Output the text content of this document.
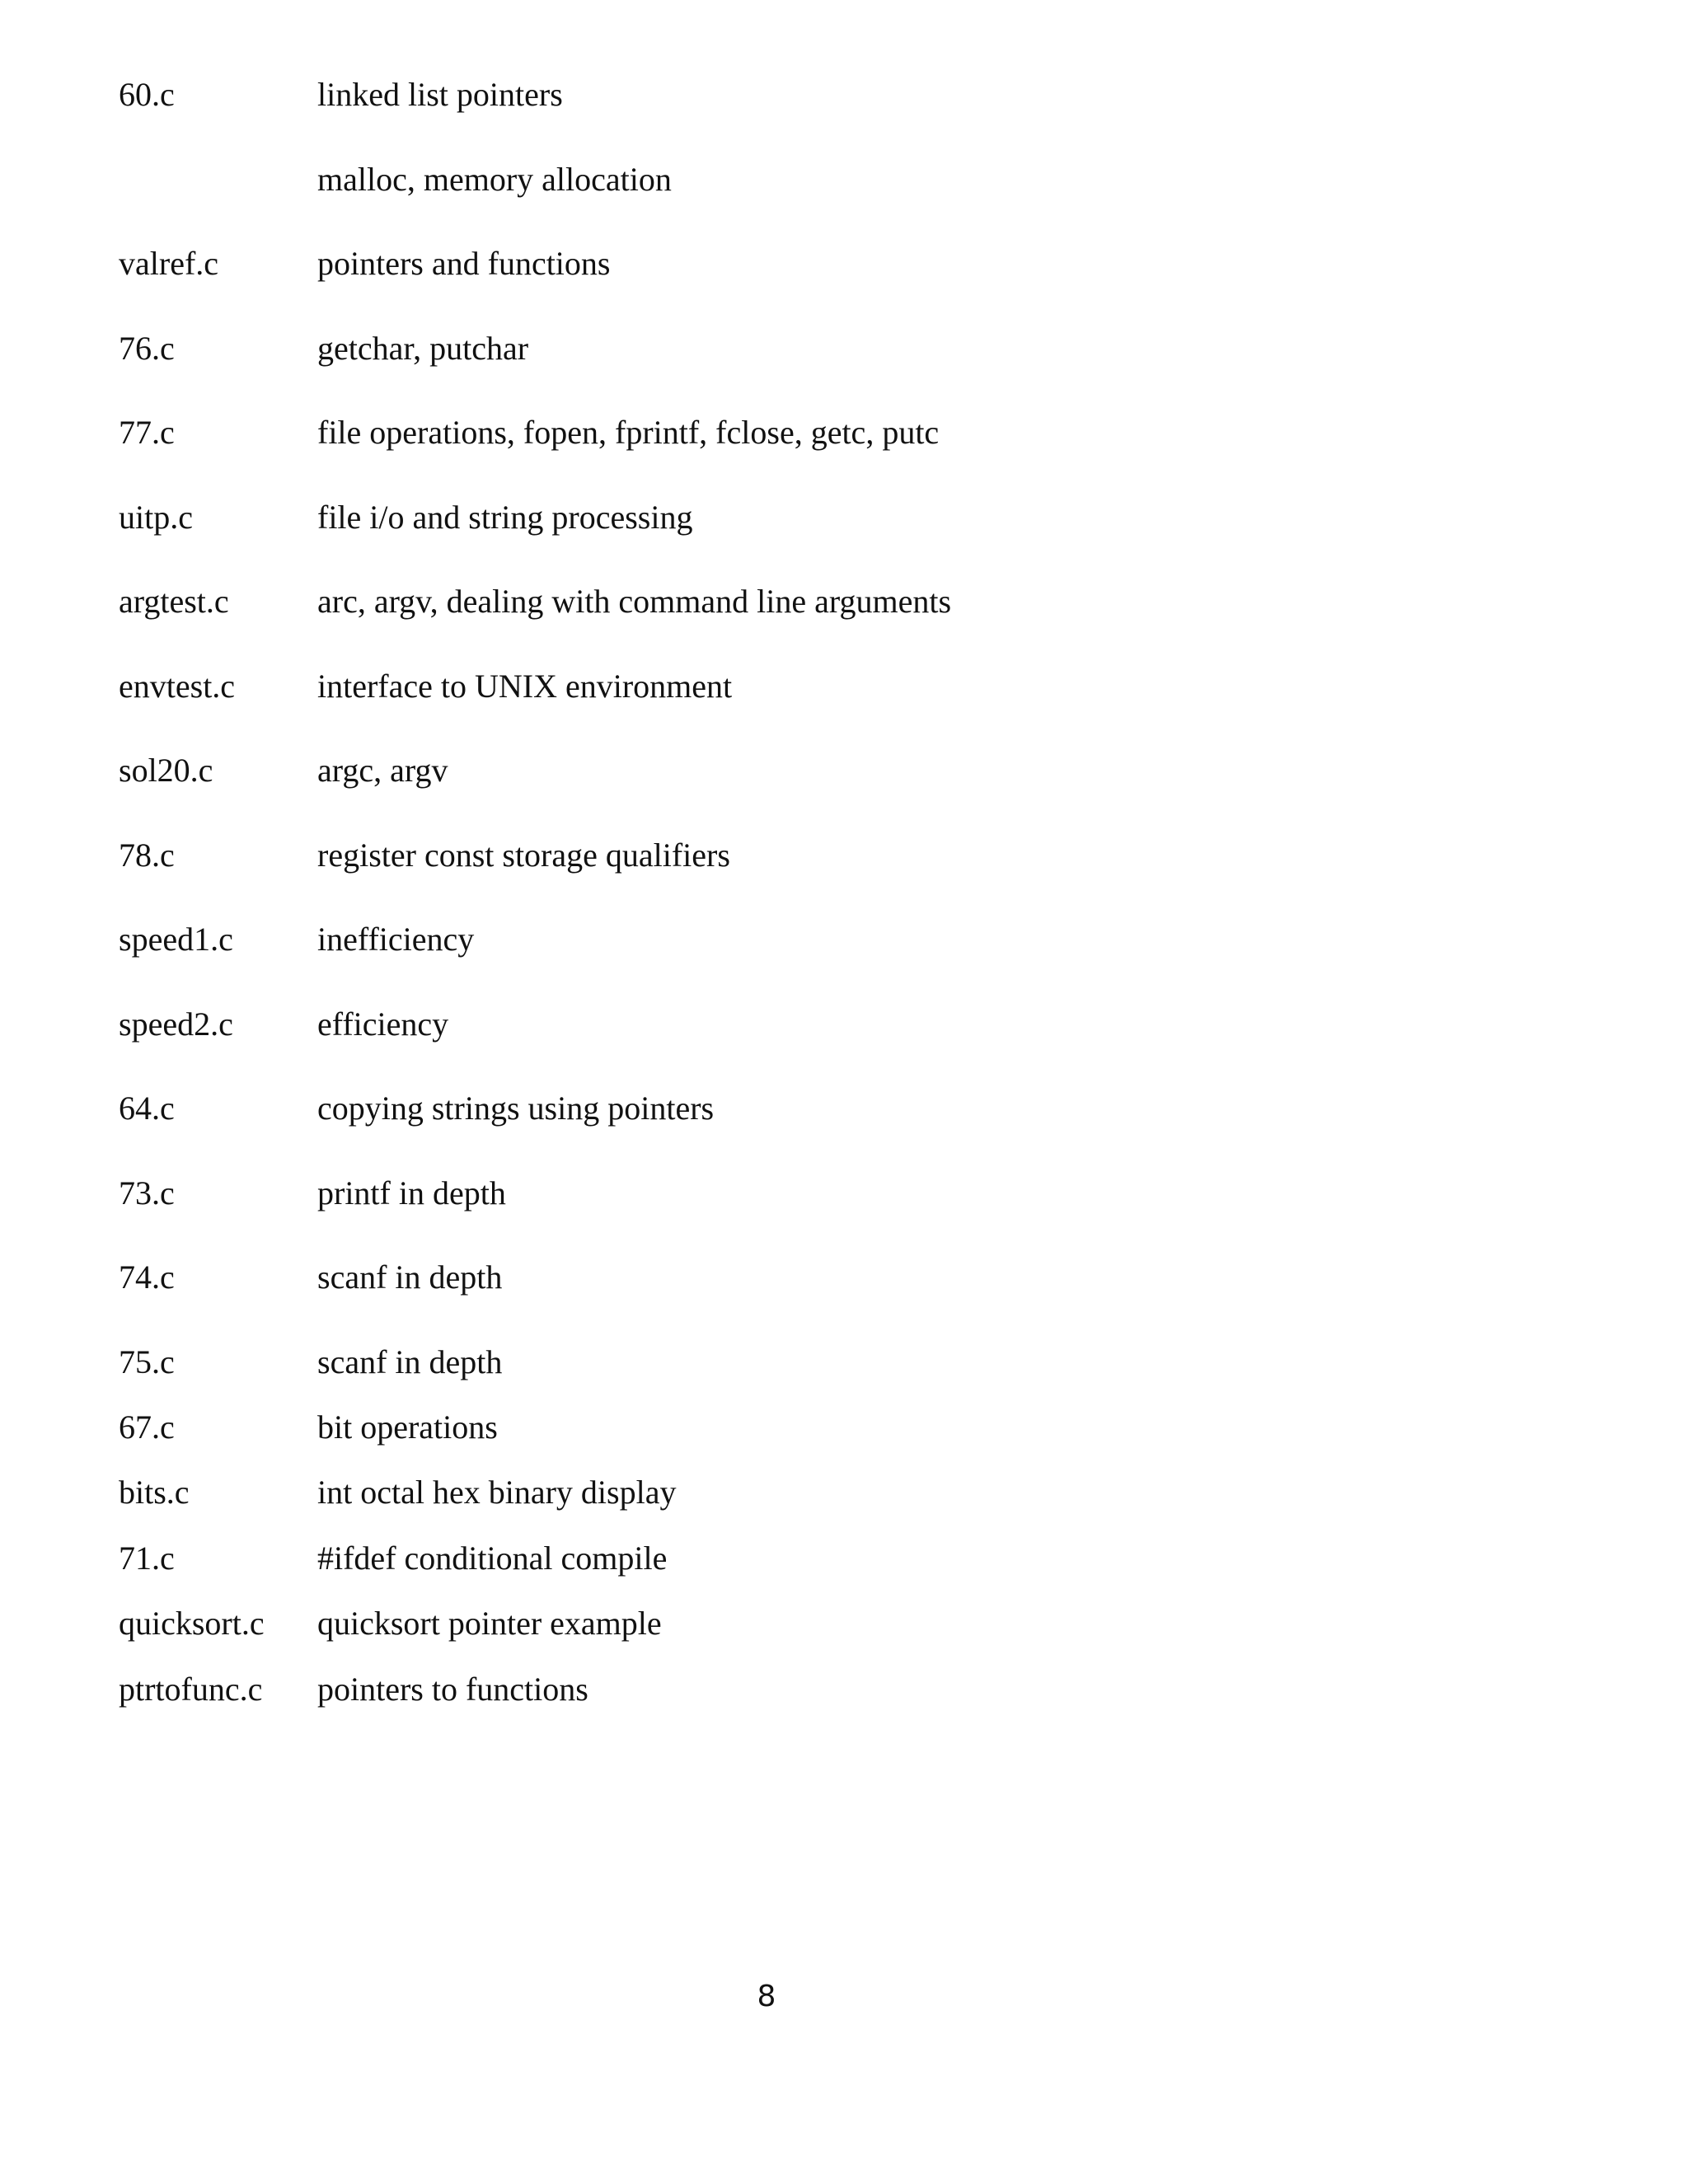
60.c	linked list pointers
malloc, memory allocation
valref.c	pointers and functions
76.c	getchar, putchar
77.c	file operations, fopen, fprintf, fclose, getc, putc
uitp.c	file i/o and string processing
argtest.c	arc, argv, dealing with command line arguments
envtest.c interface to UNIX environment
sol20.c	argc, argv
78.c	register const storage qualifiers
speed1.c	inefficiency
speed2.c	efficiency
64.c	copying strings using pointers
73.c	printf in depth
74.c	scanf in depth
75.c	scanf in depth
67.c	bit operations
bits.c	int octal hex binary display
71.c	#ifdef conditional compile
quicksort.c quicksort pointer example
ptrtofunc.c pointers to functions
8
